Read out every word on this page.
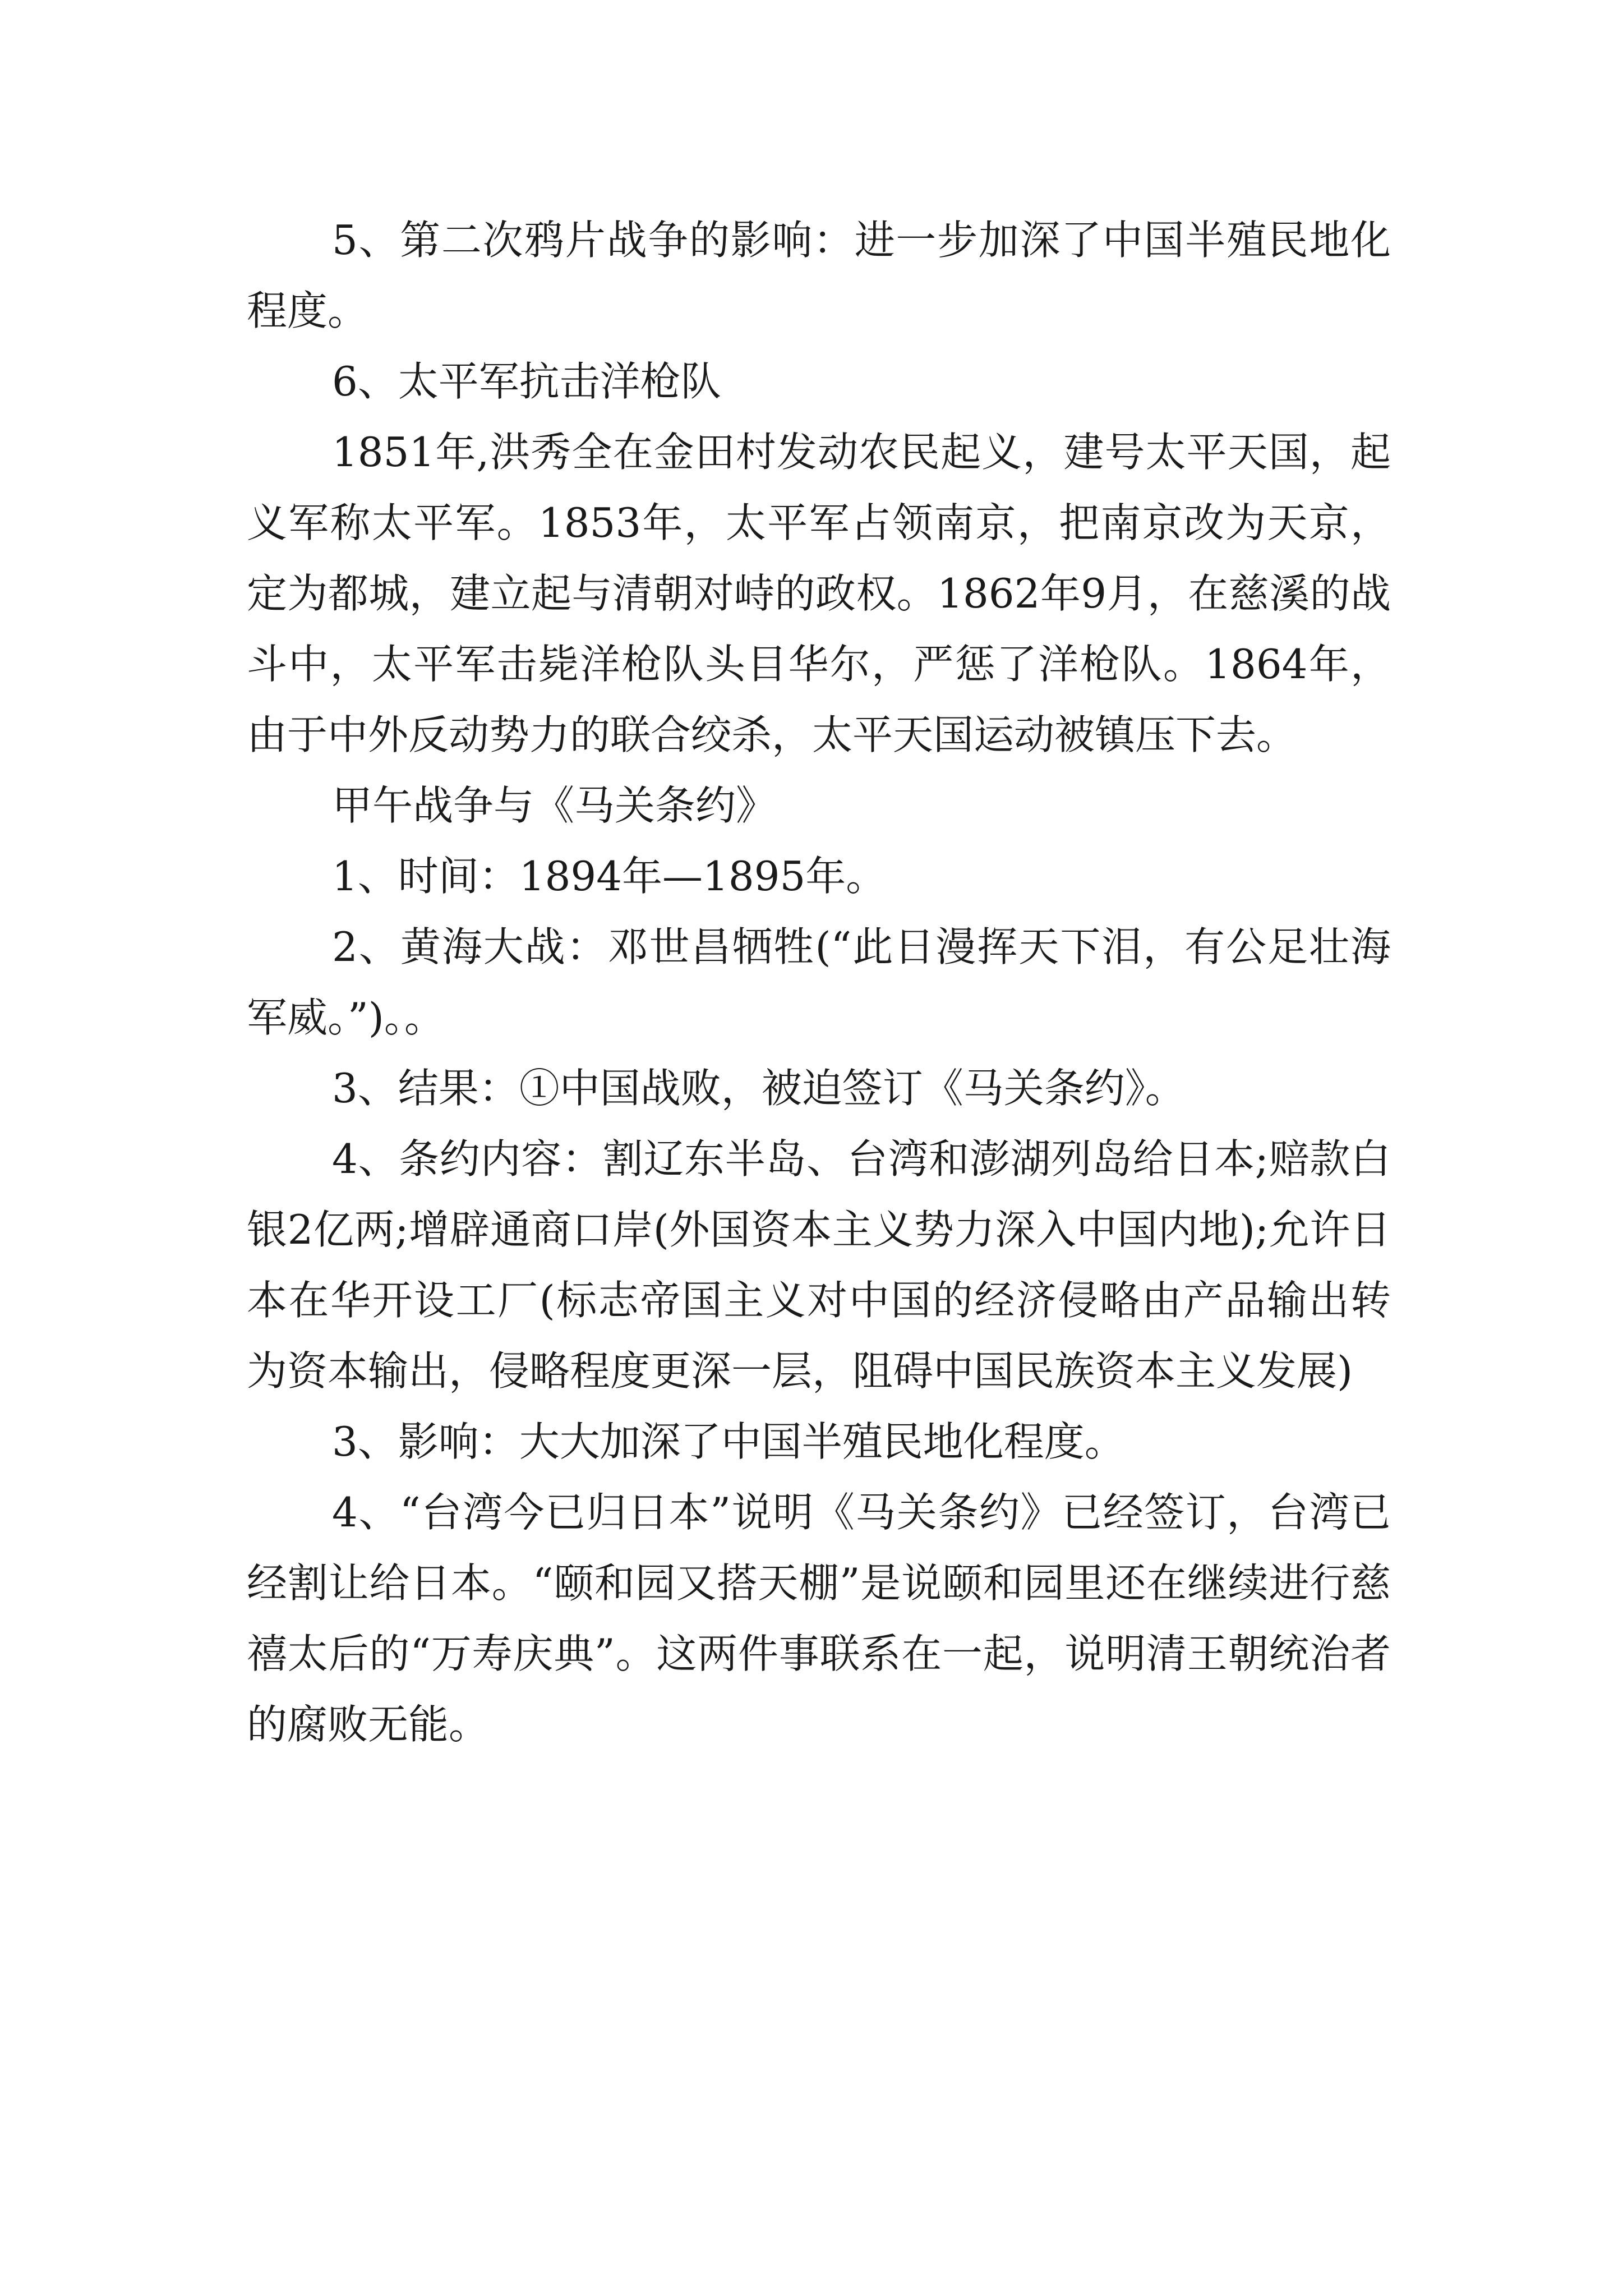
5、第二次鸦片战争的影响：进一步加深了中国半殖民地化程度。

6、太平军抗击洋枪队

1851年,洪秀全在金田村发动农民起义，建号太平天国，起义军称太平军。1853年，太平军占领南京，把南京改为天京，定为都城，建立起与清朝对峙的政权。1862年9月，在慈溪的战斗中，太平军击毙洋枪队头目华尔，严惩了洋枪队。1864年，由于中外反动势力的联合绞杀，太平天国运动被镇压下去。

甲午战争与《马关条约》

1、时间：1894年—1895年。

2、黄海大战：邓世昌牺牲(“此日漫挥天下泪，有公足壮海军威。”)。。

3、结果：①中国战败，被迫签订《马关条约》。

4、条约内容：割辽东半岛、台湾和澎湖列岛给日本;赔款白银2亿两;增辟通商口岸(外国资本主义势力深入中国内地);允许日本在华开设工厂(标志帝国主义对中国的经济侵略由产品输出转为资本输出，侵略程度更深一层，阻碍中国民族资本主义发展)

3、影响：大大加深了中国半殖民地化程度。

4、“台湾今已归日本”说明《马关条约》已经签订，台湾已经割让给日本。“颐和园又搭天棚”是说颐和园里还在继续进行慈禧太后的“万寿庆典”。这两件事联系在一起，说明清王朝统治者的腐败无能。
